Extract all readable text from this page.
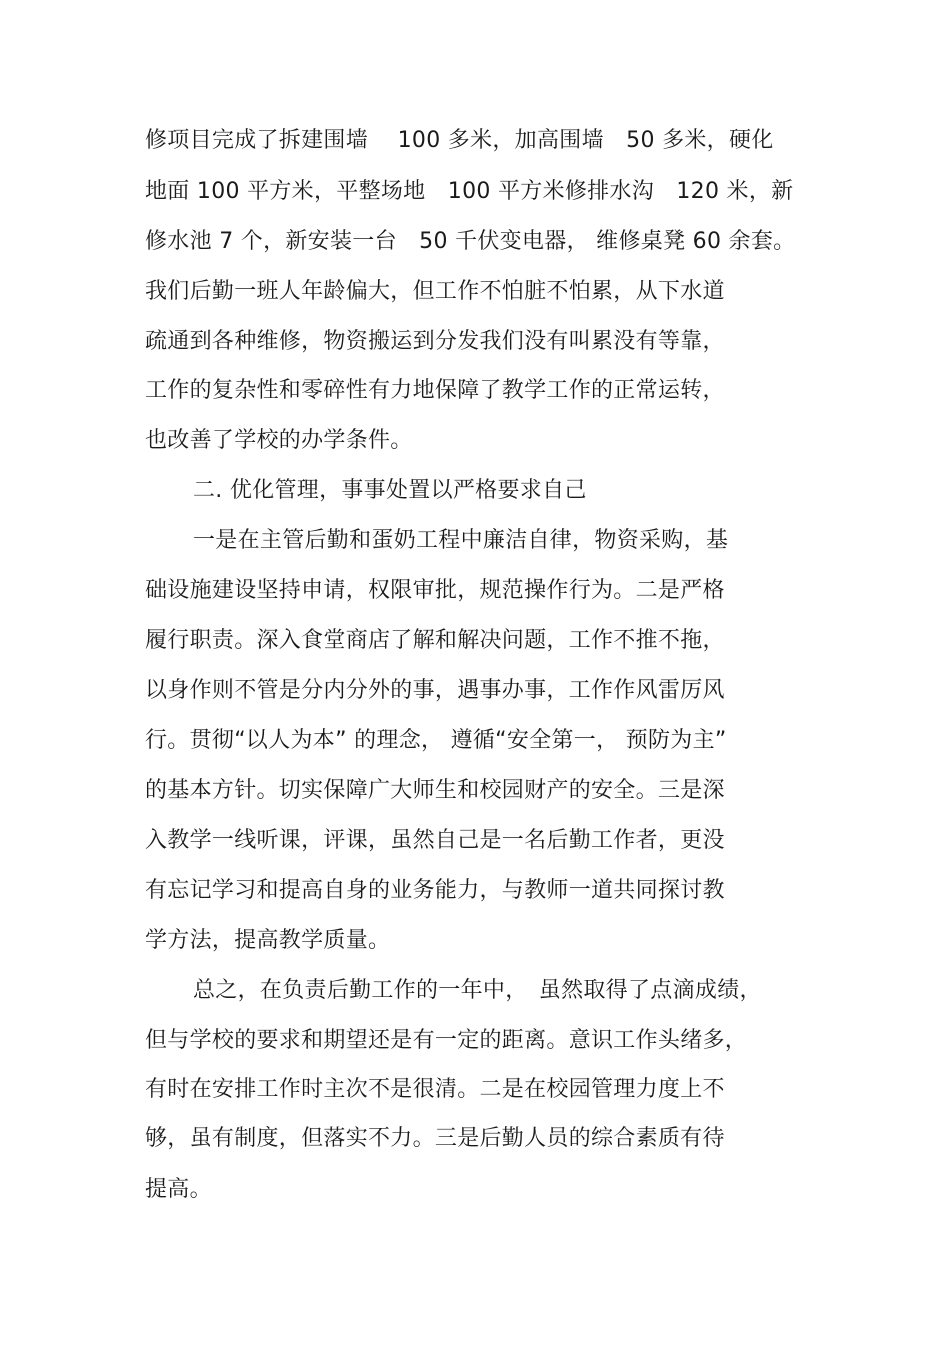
修项目完成了拆建围墙　 100 多米，加高围墙　50 多米，硬化
地面 100 平方米，平整场地　100 平方米修排水沟　120 米，新
修水池 7 个，新安装一台　50 千伏变电器， 维修桌凳 60 余套。
我们后勤一班人年龄偏大，但工作不怕脏不怕累，从下水道
疏通到各种维修，物资搬运到分发我们没有叫累没有等靠，
工作的复杂性和零碎性有力地保障了教学工作的正常运转，
也改善了学校的办学条件。
二. 优化管理，事事处置以严格要求自己
一是在主管后勤和蛋奶工程中廉洁自律，物资采购，基
础设施建设坚持申请，权限审批，规范操作行为。二是严格
履行职责。深入食堂商店了解和解决问题，工作不推不拖，
以身作则不管是分内分外的事，遇事办事，工作作风雷厉风
行。贯彻“以人为本” 的理念， 遵循“安全第一， 预防为主”
的基本方针。切实保障广大师生和校园财产的安全。三是深
入教学一线听课，评课，虽然自己是一名后勤工作者，更没
有忘记学习和提高自身的业务能力，与教师一道共同探讨教
学方法，提高教学质量。
总之，在负责后勤工作的一年中，　虽然取得了点滴成绩，
但与学校的要求和期望还是有一定的距离。意识工作头绪多，
有时在安排工作时主次不是很清。二是在校园管理力度上不
够，虽有制度，但落实不力。三是后勤人员的综合素质有待
提高。
